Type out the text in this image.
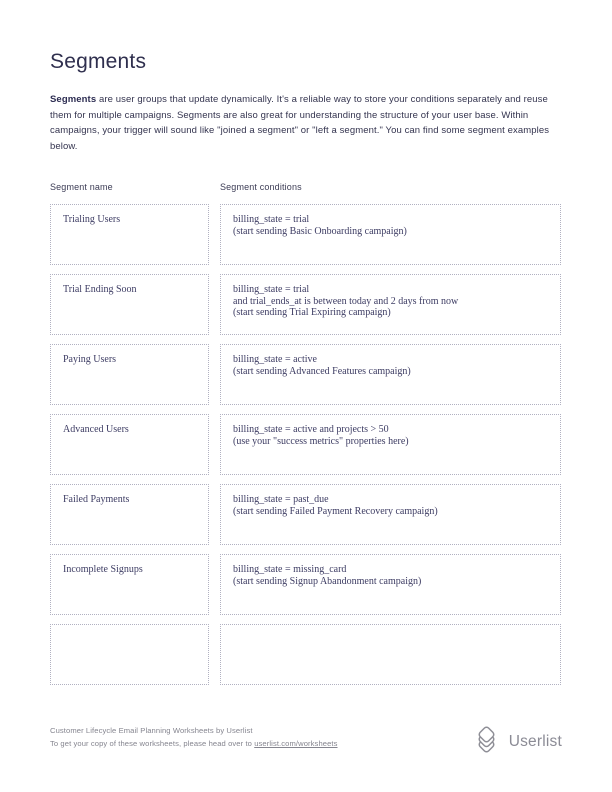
Segments

Segments are user groups that update dynamically. It's a reliable way to store your conditions separately and reuse them for multiple campaigns. Segments are also great for understanding the structure of your user base. Within campaigns, your trigger will sound like "joined a segment" or "left a segment." You can find some segment examples below.

Segment name	Segment conditions
Trialing Users	billing_state = trial
(start sending Basic Onboarding campaign)
Trial Ending Soon	billing_state = trial
and trial_ends_at is between today and 2 days from now
(start sending Trial Expiring campaign)
Paying Users	billing_state = active
(start sending Advanced Features campaign)
Advanced Users	billing_state = active and projects > 50
(use your "success metrics" properties here)
Failed Payments	billing_state = past_due
(start sending Failed Payment Recovery campaign)
Incomplete Signups	billing_state = missing_card
(start sending Signup Abandonment campaign)
Customer Lifecycle Email Planning Worksheets by Userlist
To get your copy of these worksheets, please head over to userlist.com/worksheets	Userlist
